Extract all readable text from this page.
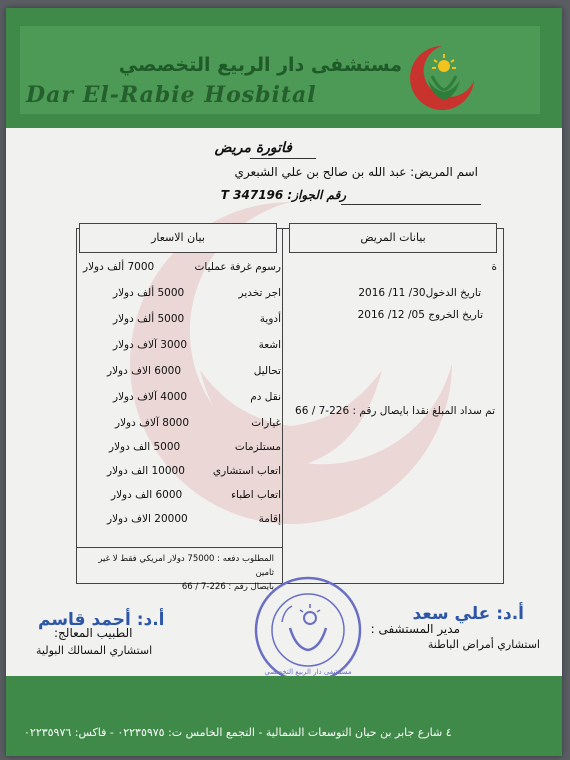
مستشفى دار الربيع التخصصي
Dar El-Rabie Hosbital
فاتورة مريض
اسم المريض: عبد الله بن صالح بن علي الشبعري
رقم الجواز: T 347196
بيان الاسعار	بيانات المريض
رسوم غرفة عمليات
7000 ألف دولار
اجر تخدير
5000 ألف دولار
أدوية
5000 ألف دولار
اشعة
3000 آلاف دولار
تحاليل
6000 الاف دولار
نقل دم
4000 آلاف دولار
غيارات
8000 آلاف دولار
مستلزمات
5000 الف دولار
اتعاب استشاري
10000 الف دولار
اتعاب اطباء
6000 الف دولار
إقامة
20000 الاف دولار
المطلوب دفعه : 75000 دولار امريكي فقط لا غير ثامين
بايصال رقم : 226-7 / 66
ة
تاريخ الدخول30/ 11/ 2016
تاريخ الخروج 05/ 12/ 2016
تم سداد المبلغ نقدا بايصال رقم : 226-7 / 66
مستشفى دار الربيع التخصصي
أ.د: علي سعد
مدير المستشفى :
استشاري أمراض الباطنة
أ.د: أحمد قاسم
الطبيب المعالج:
استشاري المسالك البولية
٤ شارع جابر بن حيان التوسعات الشمالية - التجمع الخامس ت: ٠٢٢٣٥٩٧٥ - فاكس: ٠٢٢٣٥٩٧٦
